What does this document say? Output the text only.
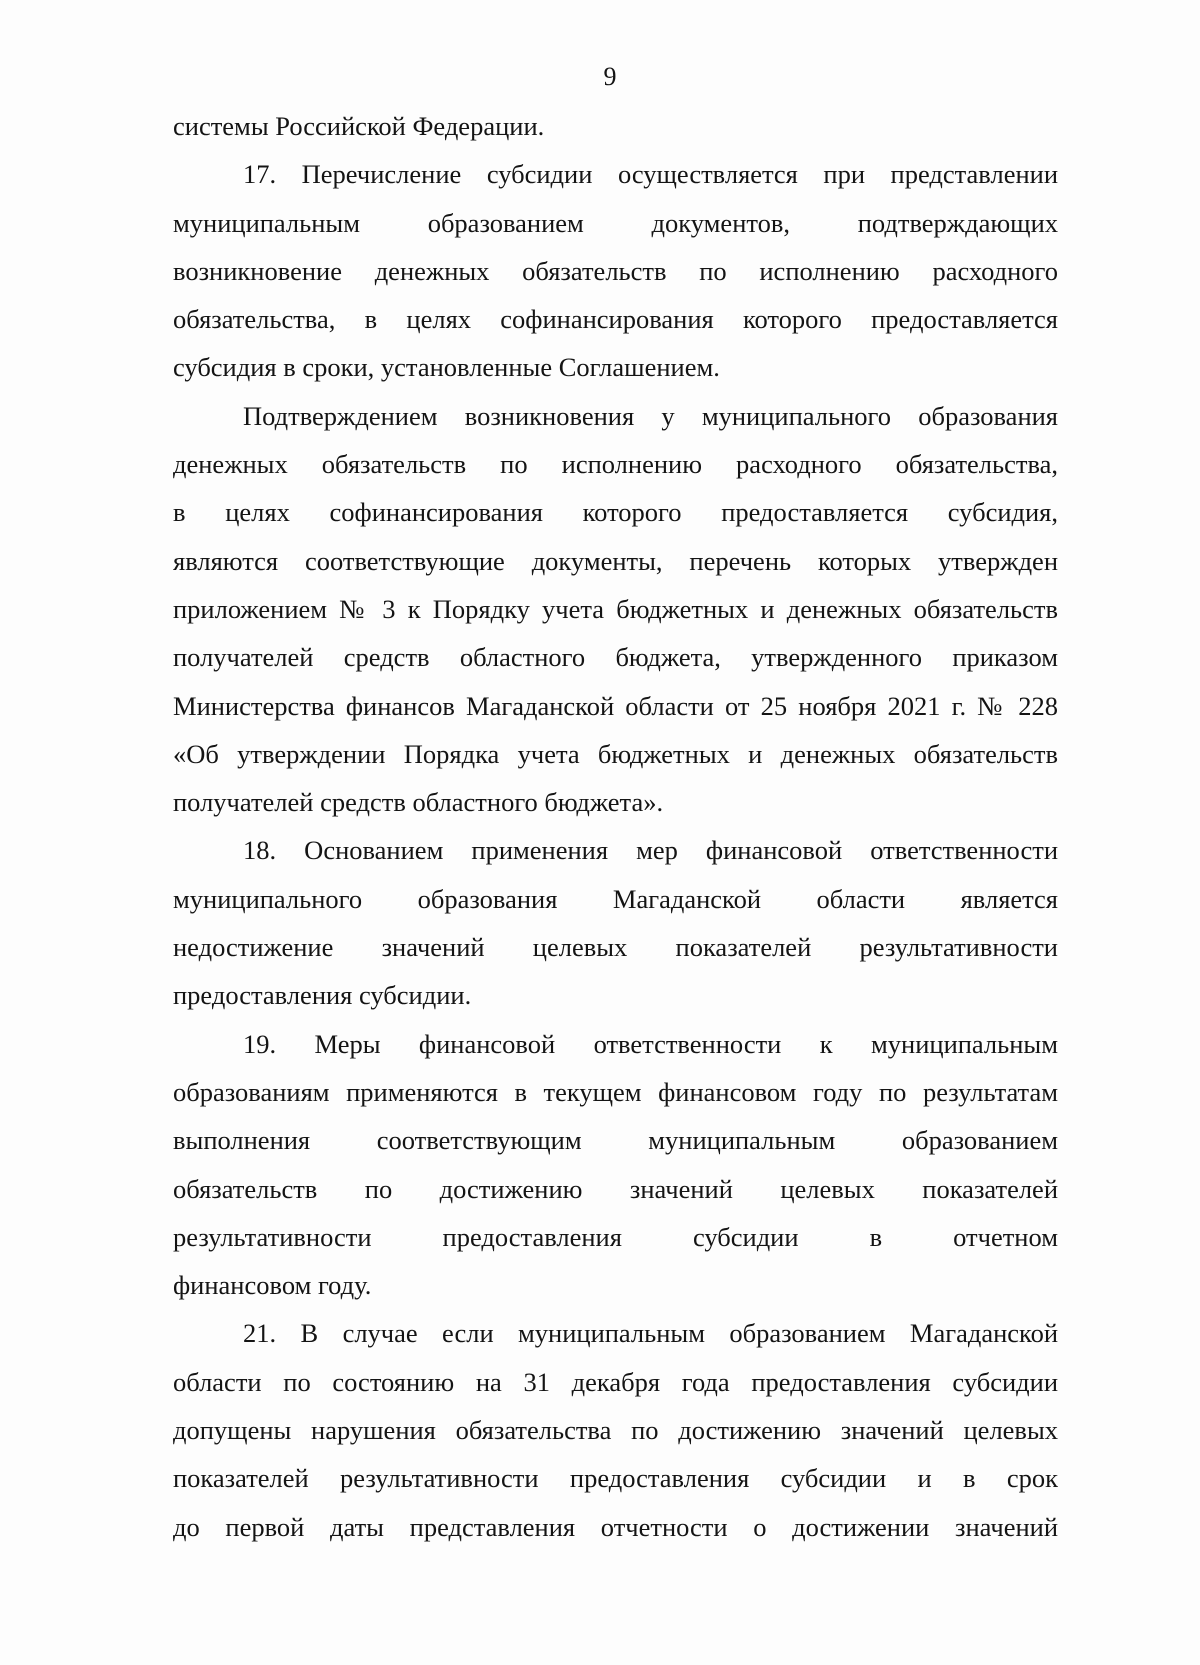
9
системы Российской Федерации.
17. Перечисление субсидии осуществляется при представлении
муниципальным образованием документов, подтверждающих
возникновение денежных обязательств по исполнению расходного
обязательства, в целях софинансирования которого предоставляется
субсидия в сроки, установленные Соглашением.
Подтверждением возникновения у муниципального образования
денежных обязательств по исполнению расходного обязательства,
в целях софинансирования которого предоставляется субсидия,
являются соответствующие документы, перечень которых утвержден
приложением № 3 к Порядку учета бюджетных и денежных обязательств
получателей средств областного бюджета, утвержденного приказом
Министерства финансов Магаданской области от 25 ноября 2021 г. № 228
«Об утверждении Порядка учета бюджетных и денежных обязательств
получателей средств областного бюджета».
18. Основанием применения мер финансовой ответственности
муниципального образования Магаданской области является
недостижение значений целевых показателей результативности
предоставления субсидии.
19. Меры финансовой ответственности к муниципальным
образованиям применяются в текущем финансовом году по результатам
выполнения соответствующим муниципальным образованием
обязательств по достижению значений целевых показателей
результативности предоставления субсидии в отчетном
финансовом году.
21. В случае если муниципальным образованием Магаданской
области по состоянию на 31 декабря года предоставления субсидии
допущены нарушения обязательства по достижению значений целевых
показателей результативности предоставления субсидии и в срок
до первой даты представления отчетности о достижении значений
